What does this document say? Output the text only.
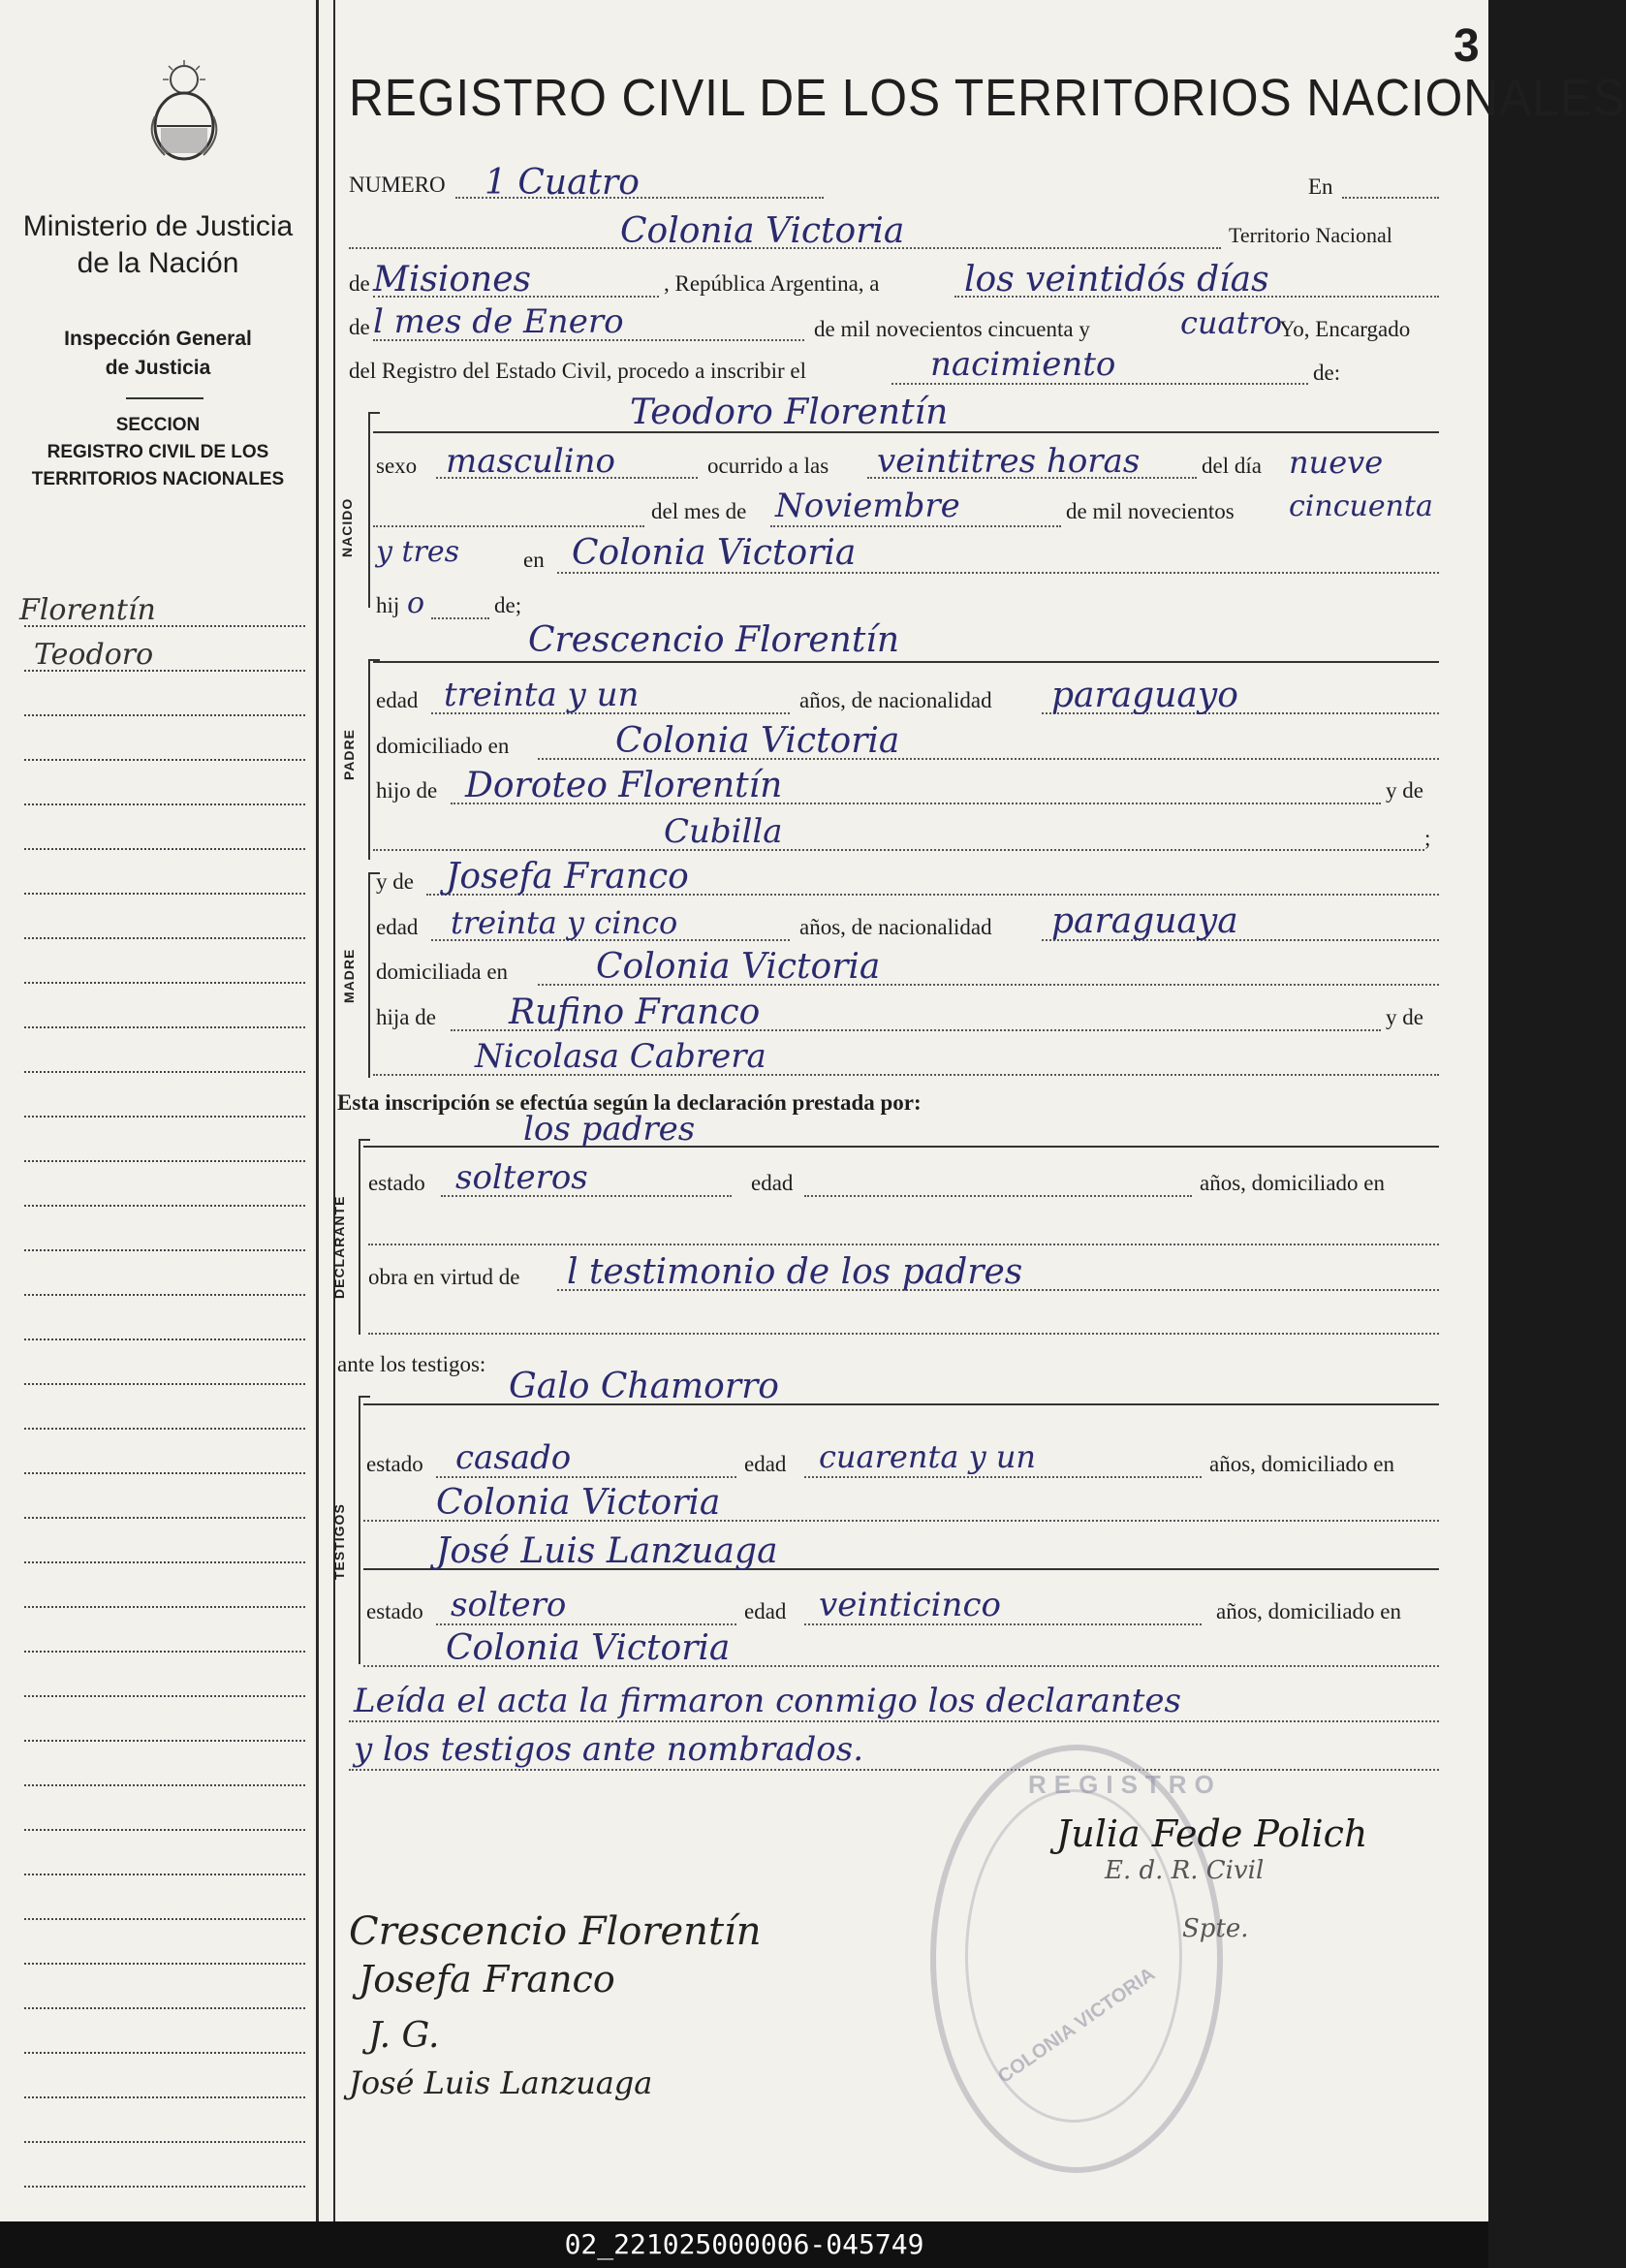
Ministerio de Justicia
de la Nación
Inspección General
de Justicia
SECCION
REGISTRO CIVIL DE LOS
TERRITORIOS NACIONALES
Florentín
Teodoro
3
REGISTRO CIVIL DE LOS TERRITORIOS NACIONALES
NUMERO 1 Cuatro	En
Colonia Victoria	Territorio Nacional
de Misiones	, República Argentina, a los veintidós días
de l mes de Enero	de mil novecientos cincuenta y	cuatro
Yo, Encargado
del Registro del Estado Civil, procedo a inscribir el	nacimiento	de:
NACIDO
Teodoro Florentín
sexo masculino	ocurrido a las veintitres horas	del día nueve
del mes de Noviembre	de mil novecientos cincuenta
y tres	en Colonia Victoria
hij o	de;
PADRE
Crescencio Florentín
edad treinta y un	años, de nacionalidad paraguayo
domiciliado en	Colonia Victoria
hijo de Doroteo Florentín	y de
Cubilla	;
MADRE
y de Josefa Franco
edad treinta y cinco	años, de nacionalidad paraguaya
domiciliada en	Colonia Victoria
hija de Rufino Franco	y de
Nicolasa Cabrera
Esta inscripción se efectúa según la declaración prestada por:
DECLARANTE
los padres
estado solteros	edad	años, domiciliado en
obra en virtud de l testimonio de los padres
ante los testigos:
TESTIGOS
Galo Chamorro
estado casado	edad cuarenta y un	años, domiciliado en
Colonia Victoria
José Luis Lanzuaga
estado soltero	edad veinticinco	años, domiciliado en
Colonia Victoria
Leída el acta la firmaron conmigo los declarantes
y los testigos ante nombrados.
REGISTRO
COLONIA VICTORIA
Julia Fede Polich
E. d. R. Civil
Spte.
Crescencio Florentín
Josefa Franco
J. G.
José Luis Lanzuaga
02_221025000006-045749
